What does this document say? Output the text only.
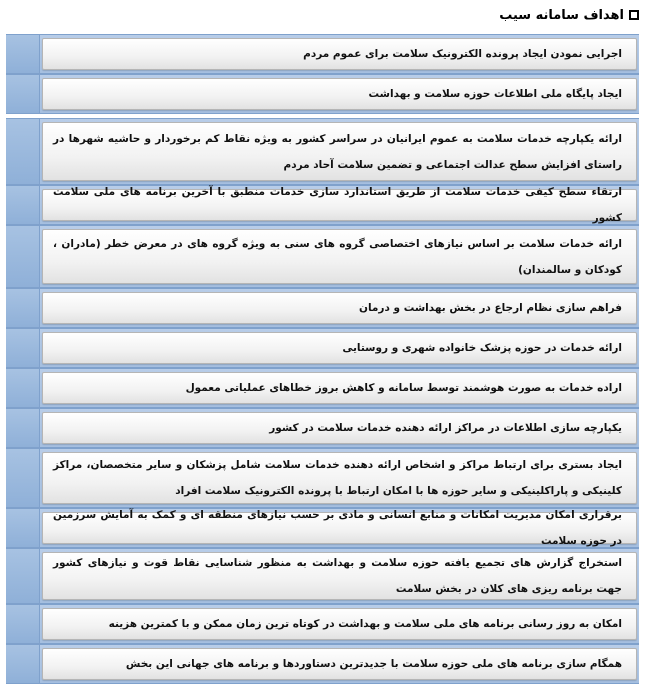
اهداف سامانه سیب
اجرایی نمودن ایجاد پرونده الکترونیک سلامت برای عموم مردم
ایجاد پایگاه ملی اطلاعات حوزه سلامت و بهداشت
ارائه یکپارچه خدمات سلامت به عموم ایرانیان در سراسر کشور به ویژه نقاط کم برخوردار و حاشیه شهرها در راستای افزایش سطح عدالت اجتماعی و تضمین سلامت آحاد مردم
ارتقاء سطح کیفی خدمات سلامت از طریق استاندارد سازی خدمات منطبق با آخرین برنامه های ملی سلامت کشور
ارائه خدمات سلامت بر اساس نیازهای اختصاصی گروه های سنی به ویژه گروه های در معرض خطر (مادران ، کودکان و سالمندان)
فراهم سازی نظام ارجاع در بخش بهداشت و درمان
ارائه خدمات در حوزه پزشک خانواده شهری و روستایی
اراده خدمات به صورت هوشمند توسط سامانه و کاهش بروز خطاهای عملیاتی معمول
یکپارچه سازی اطلاعات در مراکز ارائه دهنده خدمات سلامت در کشور
ایجاد بستری برای ارتباط مراکز و اشخاص ارائه دهنده خدمات سلامت شامل پزشکان و سایر متخصصان، مراکز کلینیکی و پاراکلینیکی و سایر حوزه ها با امکان ارتباط با پرونده الکترونیک سلامت افراد
برقراری امکان مدیریت امکانات و منابع انسانی و مادی بر حسب نیازهای منطقه ای و کمک به آمایش سرزمین در حوزه سلامت
استخراج گزارش های تجمیع یافته حوزه سلامت و بهداشت به منظور شناسایی نقاط قوت و نیازهای کشور جهت برنامه ریزی های کلان در بخش سلامت
امکان به روز رسانی برنامه های ملی سلامت و بهداشت در کوتاه ترین زمان ممکن و با کمترین هزینه
همگام سازی برنامه های ملی حوزه سلامت با جدیدترین دستاوردها و برنامه های جهانی این بخش
